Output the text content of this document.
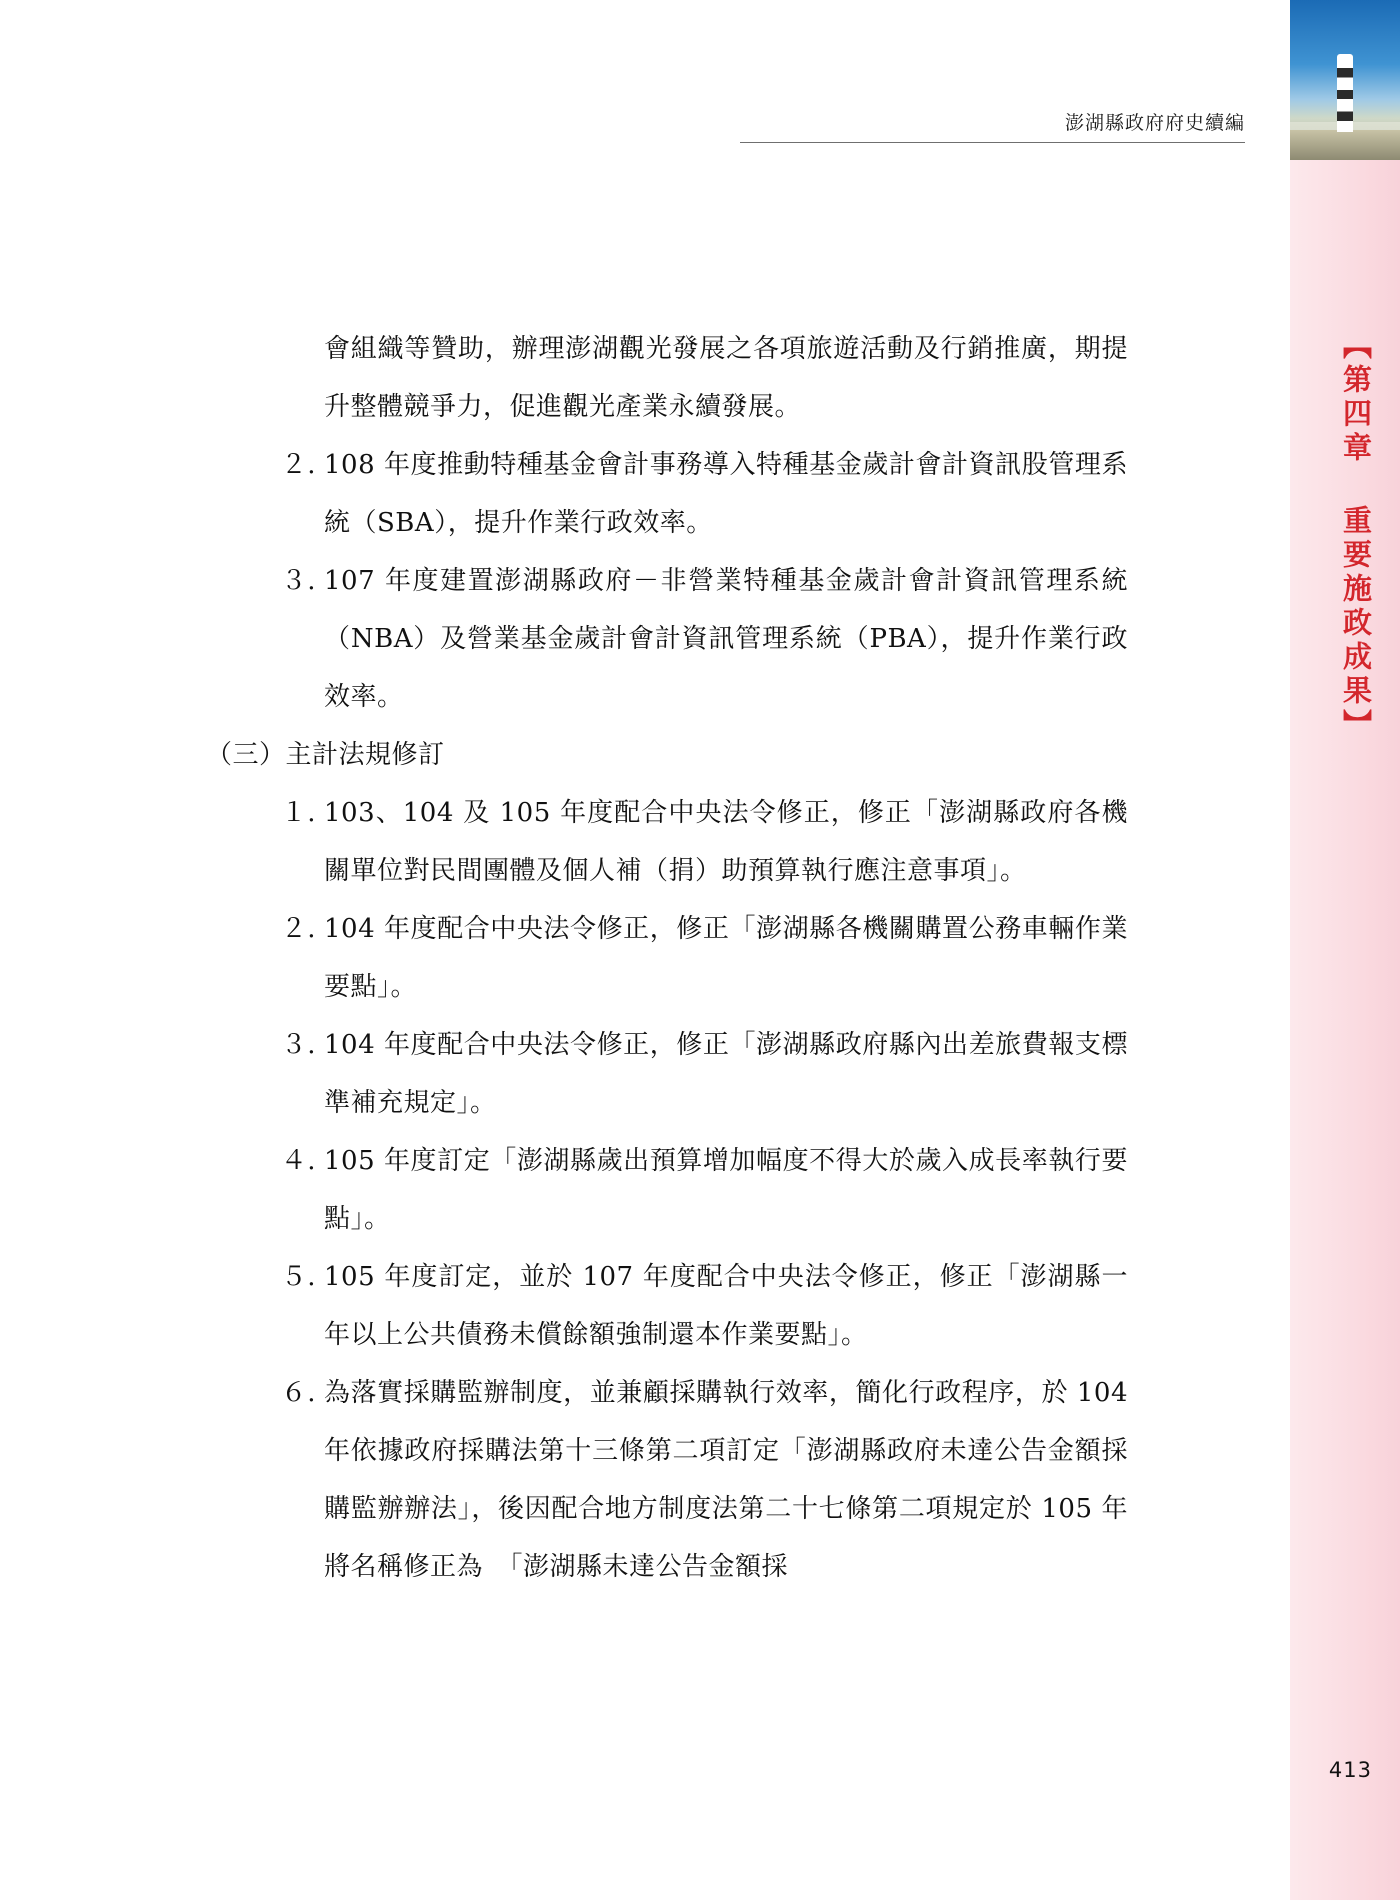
【第四章 重要施政成果】
澎湖縣政府府史續編
會組織等贊助，辦理澎湖觀光發展之各項旅遊活動及行銷推廣，期提升整體競爭力，促進觀光產業永續發展。
２. 108 年度推動特種基金會計事務導入特種基金歲計會計資訊股管理系統（SBA），提升作業行政效率。
３. 107 年度建置澎湖縣政府－非營業特種基金歲計會計資訊管理系統（NBA）及營業基金歲計會計資訊管理系統（PBA），提升作業行政效率。
（三）主計法規修訂
１. 103、104 及 105 年度配合中央法令修正，修正「澎湖縣政府各機關單位對民間團體及個人補（捐）助預算執行應注意事項」。
２. 104 年度配合中央法令修正，修正「澎湖縣各機關購置公務車輛作業要點」。
３. 104 年度配合中央法令修正，修正「澎湖縣政府縣內出差旅費報支標準補充規定」。
４. 105 年度訂定「澎湖縣歲出預算增加幅度不得大於歲入成長率執行要點」。
５. 105 年度訂定，並於 107 年度配合中央法令修正，修正「澎湖縣一年以上公共債務未償餘額強制還本作業要點」。
６. 為落實採購監辦制度，並兼顧採購執行效率，簡化行政程序，於 104 年依據政府採購法第十三條第二項訂定「澎湖縣政府未達公告金額採購監辦辦法」，後因配合地方制度法第二十七條第二項規定於 105 年將名稱修正為　「澎湖縣未達公告金額採
413
